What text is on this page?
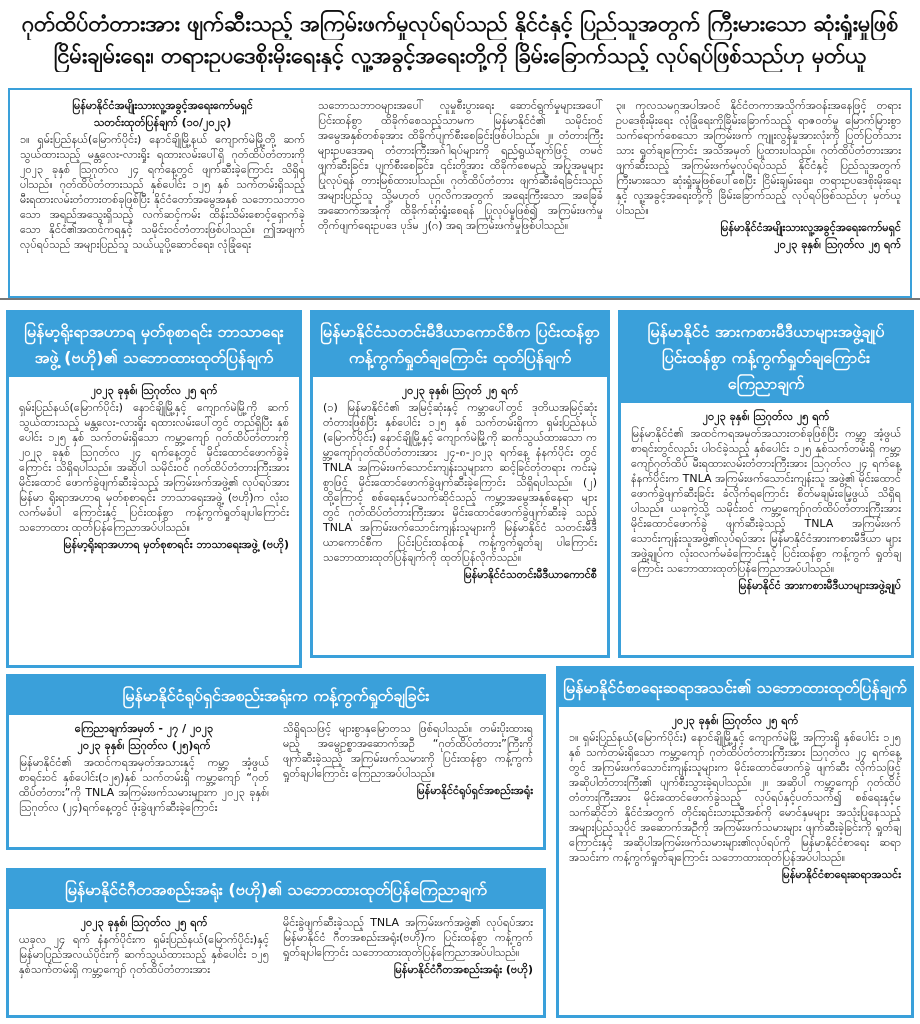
ဂုတ်ထိပ်တံတားအား ဖျက်ဆီးသည့် အကြမ်းဖက်မှုလုပ်ရပ်သည် နိုင်ငံနှင့် ပြည်သူအတွက် ကြီးမားသော ဆုံးရှုံးမှုဖြစ်
ငြိမ်းချမ်းရေး၊ တရားဥပဒေစိုးမိုးရေးနှင့် လူ့အခွင့်အရေးတို့ကို ခြိမ်းခြောက်သည့် လုပ်ရပ်ဖြစ်သည်ဟု မှတ်ယူ

မြန်မာနိုင်ငံအမျိုးသားလူ့အခွင့်အရေးကော်မရှင်

သတင်းထုတ်ပြန်ချက် (၁၀/၂၀၂၃)

၁။ ရှမ်းပြည်နယ်(မြောက်ပိုင်း) နောင်ချိုမြို့နယ် ကျောက်မဲမြို့တို့ ဆက်သွယ်ထားသည့် မန္တလေး-လားရှိုး ရထားလမ်းပေါ်ရှိ ဂုတ်ထိပ်တံတားကို ၂၀၂၃ ခုနှစ် ဩဂုတ်လ ၂၄ ရက်နေ့တွင် ဖျက်ဆီးခဲ့ကြောင်း သိရှိရပါသည်။ ဂုတ်ထိပ်တံတားသည် နှစ်ပေါင်း ၁၂၅ နှစ် သက်တမ်းရှိသည့် မီးရထားလမ်းတံတားတစ်ခုဖြစ်ပြီး နိုင်ငံတော်အမွေအနှစ် သဘောသဘာဝသော အရည်အသွေးရှိသည့် လက်ဆင့်ကမ်း ထိန်းသိမ်းစောင့်ရှောက်ခဲ့သော နိုင်ငံ၏အထင်ကရနှင့် သမိုင်းဝင်တံတားဖြစ်ပါသည်။ ဤအဖျက် လုပ်ရပ်သည် အများပြည်သူ သယ်ယူပို့ဆောင်ရေး၊ လုံခြုံရေး

သဘောသဘာဝများအပေါ် လူမှုစီးပွားရေး ဆောင်ရွက်မှုများအပေါ် ပြင်းထန်စွာ ထိခိုက်စေသည့်သာမက မြန်မာနိုင်ငံ၏ သမိုင်းဝင် အမွေအနှစ်တစ်ခုအား ထိခိုက်ပျက်စီးစေခြင်းဖြစ်ပါသည်။ ၂။ တံတားကြီးများဥပဒေအရ တံတားကြီးအဂ်ါရပ်များကို ရည်ရွယ်ချက်ဖြင့် တမင်ဖျက်ဆီးခြင်း၊ ပျက်စီးစေခြင်း၊ ၎င်းတို့အား ထိခိုက်စေမည့် အပြုအမူများပြုလုပ်ရန် တားမြစ်ထားပါသည်။ ဂုတ်ထိပ်တံတား ဖျက်ဆီးခံရခြင်းသည် အများပြည်သူ သို့မဟုတ် ပုဂ္ဂလိကအတွက် အရေးကြီးသော အခြေခံ အဆောက်အအုံကို ထိခိုက်ဆုံးရှုံးစေရန် ပြုလုပ်မှုဖြစ်၍ အကြမ်းဖက်မှု တိုက်ဖျက်ရေးဥပဒေ ပုဒ်မ ၂(ဂ) အရ အကြမ်းဖက်မှုဖြစ်ပါသည်။

၃။ ကုလသမဂ္ဂအပါအဝင် နိုင်ငံတကာအသိုက်အဝန်းအနေဖြင့် တရားဥပဒေစိုးမိုးရေး လုံခြုံရေးကိုခြိမ်းခြောက်သည့် ရာဇဝတ်မှု မြောက်မြားစွာ သက်ရောက်စေသော အကြမ်းဖက် ကျူးလွန်မှုအားလုံးကို ပြတ်ပြတ်သားသား ရှုတ်ချကြောင်း အသိအမှတ် ပြုထားပါသည်။ ဂုတ်ထိပ်တံတားအား ဖျက်ဆီးသည့် အကြမ်းဖက်မှုလုပ်ရပ်သည် နိုင်ငံနှင့် ပြည်သူအတွက် ကြီးမားသော ဆုံးရှုံးမှုဖြစ်ပေါ်စေပြီး ငြိမ်းချမ်းရေး၊ တရားဥပဒေစိုးမိုးရေးနှင့် လူ့အခွင့်အရေးတို့ကို ခြိမ်းခြောက်သည့် လုပ်ရပ်ဖြစ်သည်ဟု မှတ်ယူပါသည်။

မြန်မာနိုင်ငံအမျိုးသားလူ့အခွင့်အရေးကော်မရှင်

၂၀၂၃ ခုနှစ်၊ ဩဂုတ်လ ၂၅ ရက်

မြန်မာ့ရိုးရာအဟာရ မှတ်စုစာရင်း ဘာသာရေးအဖွဲ့ (ဗဟို)၏ သဘောထားထုတ်ပြန်ချက်

၂၀၂၃ ခုနှစ်၊ ဩဂုတ်လ ၂၅ ရက်

ရှမ်းပြည်နယ်(မြောက်ပိုင်း) နောင်ချိုမြို့နှင့် ကျောက်မဲမြို့ကို ဆက်သွယ်ထားသည့် မန္တလေး-လားရှိုး ရထားလမ်းပေါ်တွင် တည်ရှိပြီး နှစ်ပေါင်း ၁၂၅ နှစ် သက်တမ်းရှိသော ကမ္ဘာ့ကျော် ဂုတ်ထိပ်တံတားကို ၂၀၂၃ ခုနှစ် ဩဂုတ်လ ၂၄ ရက်နေ့တွင် မိုင်းထောင်ဖောက်ခွဲခဲ့ကြောင်း သိရှိရပါသည်။ အဆိုပါ သမိုင်းဝင် ဂုတ်ထိပ်တံတားကြီးအား မိုင်းထောင် ဖောက်ခွဲဖျက်ဆီးခဲ့သည့် အကြမ်းဖက်အဖွဲ့၏ လုပ်ရပ်အား မြန်မာ ရိုးရာအဟာရ မှတ်စုစာရင်း ဘာသာရေးအဖွဲ့ (ဗဟို)က လုံးဝလက်မခံပါ ကြောင်းနှင့် ပြင်းထန်စွာ ကန့်ကွက်ရှုတ်ချပါကြောင်း သဘောထား ထုတ်ပြန်ကြေညာအပ်ပါသည်။

မြန်မာ့ရိုးရာအဟာရ မှတ်စုစာရင်း ဘာသာရေးအဖွဲ့ (ဗဟို)

မြန်မာနိုင်ငံသတင်းမီဒီယာကောင်စီက ပြင်းထန်စွာ ကန့်ကွက်ရှုတ်ချကြောင်း ထုတ်ပြန်ချက်

၂၀၂၃ ခုနှစ်၊ ဩဂုတ် ၂၅ ရက်

(၁) မြန်မာနိုင်ငံ၏ အမြင့်ဆုံးနှင့် ကမ္ဘာပေါ်တွင် ဒုတိယအမြင့်ဆုံး တံတားဖြစ်ပြီး နှစ်ပေါင်း ၁၂၅ နှစ် သက်တမ်းရှိကာ ရှမ်းပြည်နယ် (မြောက်ပိုင်း) နောင်ချိုမြို့နှင့် ကျောက်မဲမြို့ကို ဆက်သွယ်ထားသော ကမ္ဘာ့ကျော်ဂုတ်ထိပ်တံတားအား ၂၄-၈-၂၀၂၃ ရက်နေ့ နံနက်ပိုင်း တွင် TNLA အကြမ်းဖက်သောင်းကျန်းသူများက ဆင့်ခြင်တုံတရား ကင်းမဲ့စွာဖြင့် မိုင်းထောင်ဖောက်ခွဲဖျက်ဆီးခဲ့ကြောင်း သိရှိရပါသည်။ (၂) ထို့ကြောင့် စစ်ရေးနှင့်မသက်ဆိုင်သည့် ကမ္ဘာ့အမွေအနှစ်နေရာ များတွင် ဂုတ်ထိပ်တံတားကြီးအား မိုင်းထောင်ဖောက်ခွဲဖျက်ဆီးခဲ့ သည့် TNLA အကြမ်းဖက်သောင်းကျန်းသူများကို မြန်မာနိုင်ငံ သတင်းမီဒီယာကောင်စီက ပြင်းပြင်းထန်ထန် ကန့်ကွက်ရှုတ်ချ ပါကြောင်း သဘောထားထုတ်ပြန်ချက်ကို ထုတ်ပြန်လိုက်သည်။

မြန်မာနိုင်ငံသတင်းမီဒီယာကောင်စီ

မြန်မာနိုင်ငံ အားကစားမီဒီယာများအဖွဲ့ချုပ် ပြင်းထန်စွာ ကန့်ကွက်ရှုတ်ချကြောင်း ကြေညာချက်

၂၀၂၃ ခုနှစ်၊ ဩဂုတ်လ ၂၅ ရက်

မြန်မာနိုင်ငံ၏ အထင်ကရအမှတ်အသားတစ်ခုဖြစ်ပြီး ကမ္ဘာ့ အံ့ဖွယ်စာရင်းတွင်လည်း ပါဝင်ခဲ့သည့် နှစ်ပေါင်း ၁၂၅ နှစ်သက်တမ်းရှိ ကမ္ဘာ့ကျော်ဂုတ်ထိပ် မီးရထားလမ်းတံတားကြီးအား ဩဂုတ်လ ၂၄ ရက်နေ့ နံနက်ပိုင်းက TNLA အကြမ်းဖက်သောင်းကျန်းသူ အဖွဲ့၏ မိုင်းထောင်ဖောက်ခွဲဖျက်ဆီးခြင်း ခံလိုက်ရကြောင်း စိတ်မချမ်းမြေ့ဖွယ် သိရှိရပါသည်။ ယခုကဲ့သို့ သမိုင်းဝင် ကမ္ဘာ့ကျော်ဂုတ်ထိပ်တံတားကြီးအား မိုင်းထောင်ဖောက်ခွဲ ဖျက်ဆီးခဲ့သည့် TNLA အကြမ်းဖက် သောင်းကျန်းသူအဖွဲ့၏လုပ်ရပ်အား မြန်မာနိုင်ငံအားကစားမီဒီယာ များအဖွဲ့ချုပ်က လုံးဝလက်မခံကြောင်းနှင့် ပြင်းထန်စွာ ကန့်ကွက် ရှုတ်ချကြောင်း သဘောထားထုတ်ပြန်ကြေညာအပ်ပါသည်။

မြန်မာနိုင်ငံ အားကစားမီဒီယာများအဖွဲ့ချုပ်

မြန်မာနိုင်ငံရုပ်ရှင်အစည်းအရုံးက ကန့်ကွက်ရှုတ်ချခြင်း

ကြေညာချက်အမှတ် - ၂၇ / ၂၀၂၃

၂၀၂၃ ခုနှစ်၊ ဩဂုတ်လ (၂၅)ရက်

မြန်မာနိုင်ငံ၏ အထင်ကရအမှတ်အသားနှင့် ကမ္ဘာ့ အံ့ဖွယ်စာရင်း၀င် နှစ်ပေါင်း(၁၂၅)နှစ် သက်တမ်းရှိ ကမ္ဘာ့ကျော် “ဂုတ်ထိပ်တံတား”ကို TNLA အကြမ်းဖက်သမားများက ၂၀၂၃ ခုနှစ်၊ ဩဂုတ်လ (၂၄)ရက်နေ့တွင် ဖုံးခွဲဖျက်ဆီးခဲ့ကြောင်း

သိရှိရသဖြင့် များစွာနှမြောတသ ဖြစ်ရပါသည်။ တမ်းပိုးထားရမည့် အမွေဥစ္စာအဆောက်အဦ “ဂုတ်ထိပ်တံတား”ကြီးကို ဖျက်ဆီးခဲ့သည့် အကြမ်းဖက်သမားကို ပြင်းထန်စွာ ကန့်ကွက်ရှုတ်ချပါကြောင်း ကြေညာအပ်ပါသည်။

မြန်မာနိုင်ငံရုပ်ရှင်အစည်းအရုံး

မြန်မာနိုင်ငံစာရေးဆရာအသင်း၏ သဘောထားထုတ်ပြန်ချက်

၂၀၂၃ ခုနှစ်၊ ဩဂုတ်လ ၂၅ ရက်

၁။ ရှမ်းပြည်နယ်(မြောက်ပိုင်း) နောင်ချိုမြို့နှင့် ကျောက်မဲမြို့ အကြားရှိ နှစ်ပေါင်း ၁၂၅ နှစ် သက်တမ်းရှိသော ကမ္ဘာ့ကျော် ဂုတ်ထိပ်တံတားကြီးအား ဩဂုတ်လ ၂၄ ရက်နေ့တွင် အကြမ်းဖက်သောင်းကျန်းသူများက မိုင်းထောင်ဖောက်ခွဲ ဖျက်ဆီး လိုက်သဖြင့် အဆိုပါတံတားကြီး၏ ပျက်စီးသွားခဲ့ရပါသည်။ ၂။ အဆိုပါ ကမ္ဘာ့ကျော် ဂုတ်ထိပ်တံတားကြီးအား မိုင်းထောင်ဖောက်ခွဲသည့် လုပ်ရပ်နှင့်ပတ်သက်၍ စစ်ရေးနှင့်မသက်ဆိုင်ဘဲ နိုင်ငံအတွက် တိုင်းရင်းသားညီအစ်ကို မောင်နှမများ အသုံးပြုနေသည့် အများပြည်သူပိုင် အဆောက်အဦကို အကြမ်းဖက်သမားများ ဖျက်ဆီးခဲ့ခြင်းကို ရှုတ်ချကြောင်းနှင့် အဆိုပါအကြမ်းဖက်သမားများ၏လုပ်ရပ်ကို မြန်မာနိုင်ငံစာရေး ဆရာအသင်းက ကန့်ကွက်ရှုတ်ချကြောင်း သဘောထားထုတ်ပြန်အပ်ပါသည်။

မြန်မာနိုင်ငံစာရေးဆရာအသင်း

မြန်မာနိုင်ငံဂီတအစည်းအရုံး (ဗဟို)၏ သဘောထားထုတ်ပြန်ကြေညာချက်

၂၀၂၃ ခုနှစ်၊ ဩဂုတ်လ ၂၅ ရက်

ယခုလ ၂၄ ရက် နံနက်ပိုင်းက ရှမ်းပြည်နယ်(မြောက်ပိုင်း)နှင့် မြန်မာပြည်အလယ်ပိုင်းကို ဆက်သွယ်ထားသည့် နှစ်ပေါင်း ၁၂၅ နှစ်သက်တမ်းရှိ ကမ္ဘာ့ကျော် ဂုတ်ထိပ်တံတားအား

မိုင်းခွဲဖျက်ဆီးခဲ့သည့် TNLA အကြမ်းဖက်အဖွဲ့၏ လုပ်ရပ်အား မြန်မာနိုင်ငံ ဂီတအစည်းအရုံး(ဗဟို)က ပြင်းထန်စွာ ကန့်ကွက် ရှုတ်ချပါကြောင်း သဘောထားထုတ်ပြန်ကြေညာအပ်ပါသည်။

မြန်မာနိုင်ငံဂီတအစည်းအရုံး (ဗဟို)
